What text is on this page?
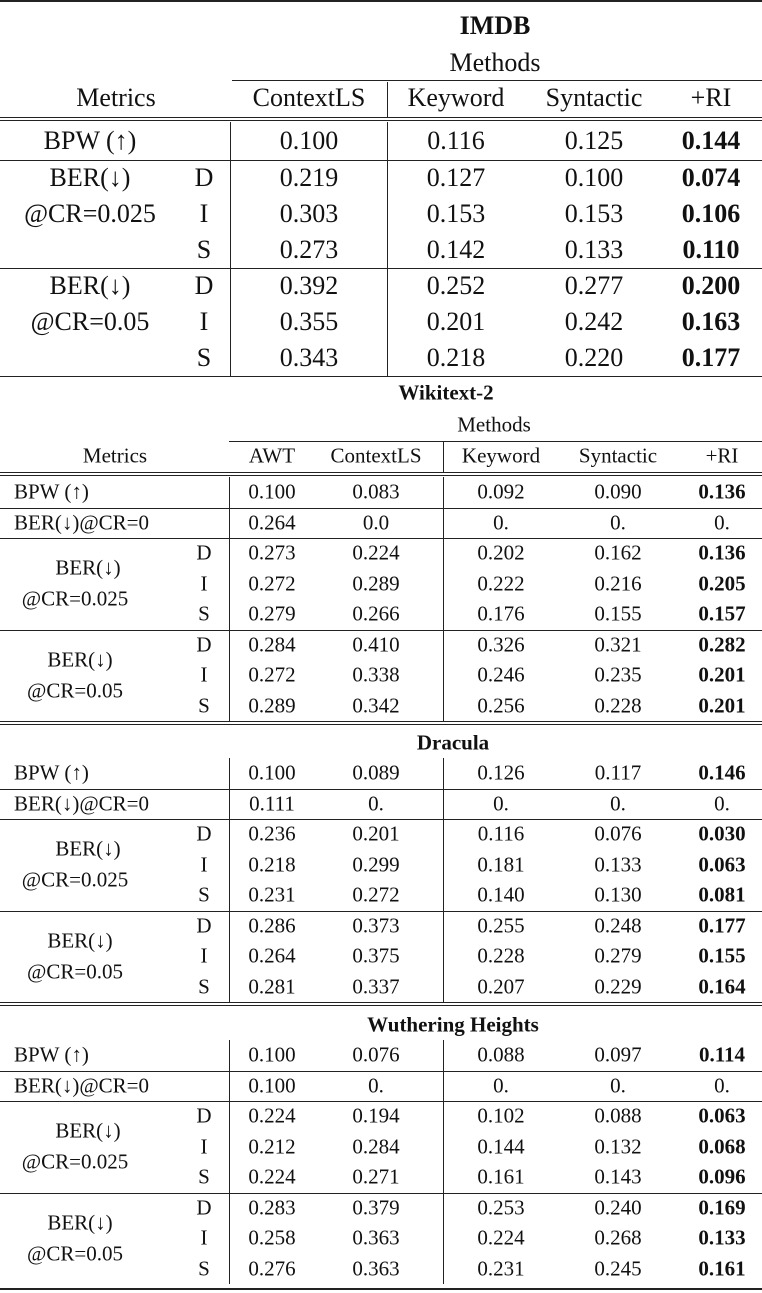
IMDB
Methods
Metrics	ContextLS Keyword Syntactic +RI
BPW (↑)	0.100	0.116	0.125 0.144
BER(↓)
@CR=0.025
D	0.219	0.127	0.100 0.074
I	0.303	0.153	0.153 0.106
S	0.273	0.142	0.133 0.110
BER(↓)
@CR=0.05
D	0.392	0.252	0.277 0.200
I	0.355	0.201	0.242 0.163
S	0.343	0.218	0.220 0.177
Wikitext-2
Methods
Metrics	AWT ContextLS Keyword Syntactic +RI
BPW (↑)	0.100	0.083	0.092	0.090	0.136
BER(↓)@CR=0	0.264	0.0	0.	0.	0.
BER(↓)
@CR=0.025
D 0.273	0.224	0.202	0.162	0.136
I 0.272	0.289	0.222	0.216	0.205
S 0.279	0.266	0.176	0.155	0.157
BER(↓)
@CR=0.05
D 0.284	0.410	0.326	0.321	0.282
I 0.272	0.338	0.246	0.235	0.201
S 0.289	0.342	0.256	0.228	0.201
Dracula
BPW (↑)	0.100	0.089	0.126	0.117	0.146
BER(↓)@CR=0	0.111	0.	0.	0.	0.
BER(↓)
@CR=0.025
D 0.236	0.201	0.116	0.076	0.030
I 0.218	0.299	0.181	0.133	0.063
S 0.231	0.272	0.140	0.130	0.081
BER(↓)
@CR=0.05
D 0.286	0.373	0.255	0.248	0.177
I 0.264	0.375	0.228	0.279	0.155
S 0.281	0.337	0.207	0.229	0.164
Wuthering Heights
BPW (↑)	0.100	0.076	0.088	0.097	0.114
BER(↓)@CR=0	0.100	0.	0.	0.	0.
BER(↓)
@CR=0.025
D 0.224	0.194	0.102	0.088	0.063
I 0.212	0.284	0.144	0.132	0.068
S 0.224	0.271	0.161	0.143	0.096
BER(↓)
@CR=0.05
D 0.283	0.379	0.253	0.240	0.169
I 0.258	0.363	0.224	0.268	0.133
S 0.276	0.363	0.231	0.245	0.161
